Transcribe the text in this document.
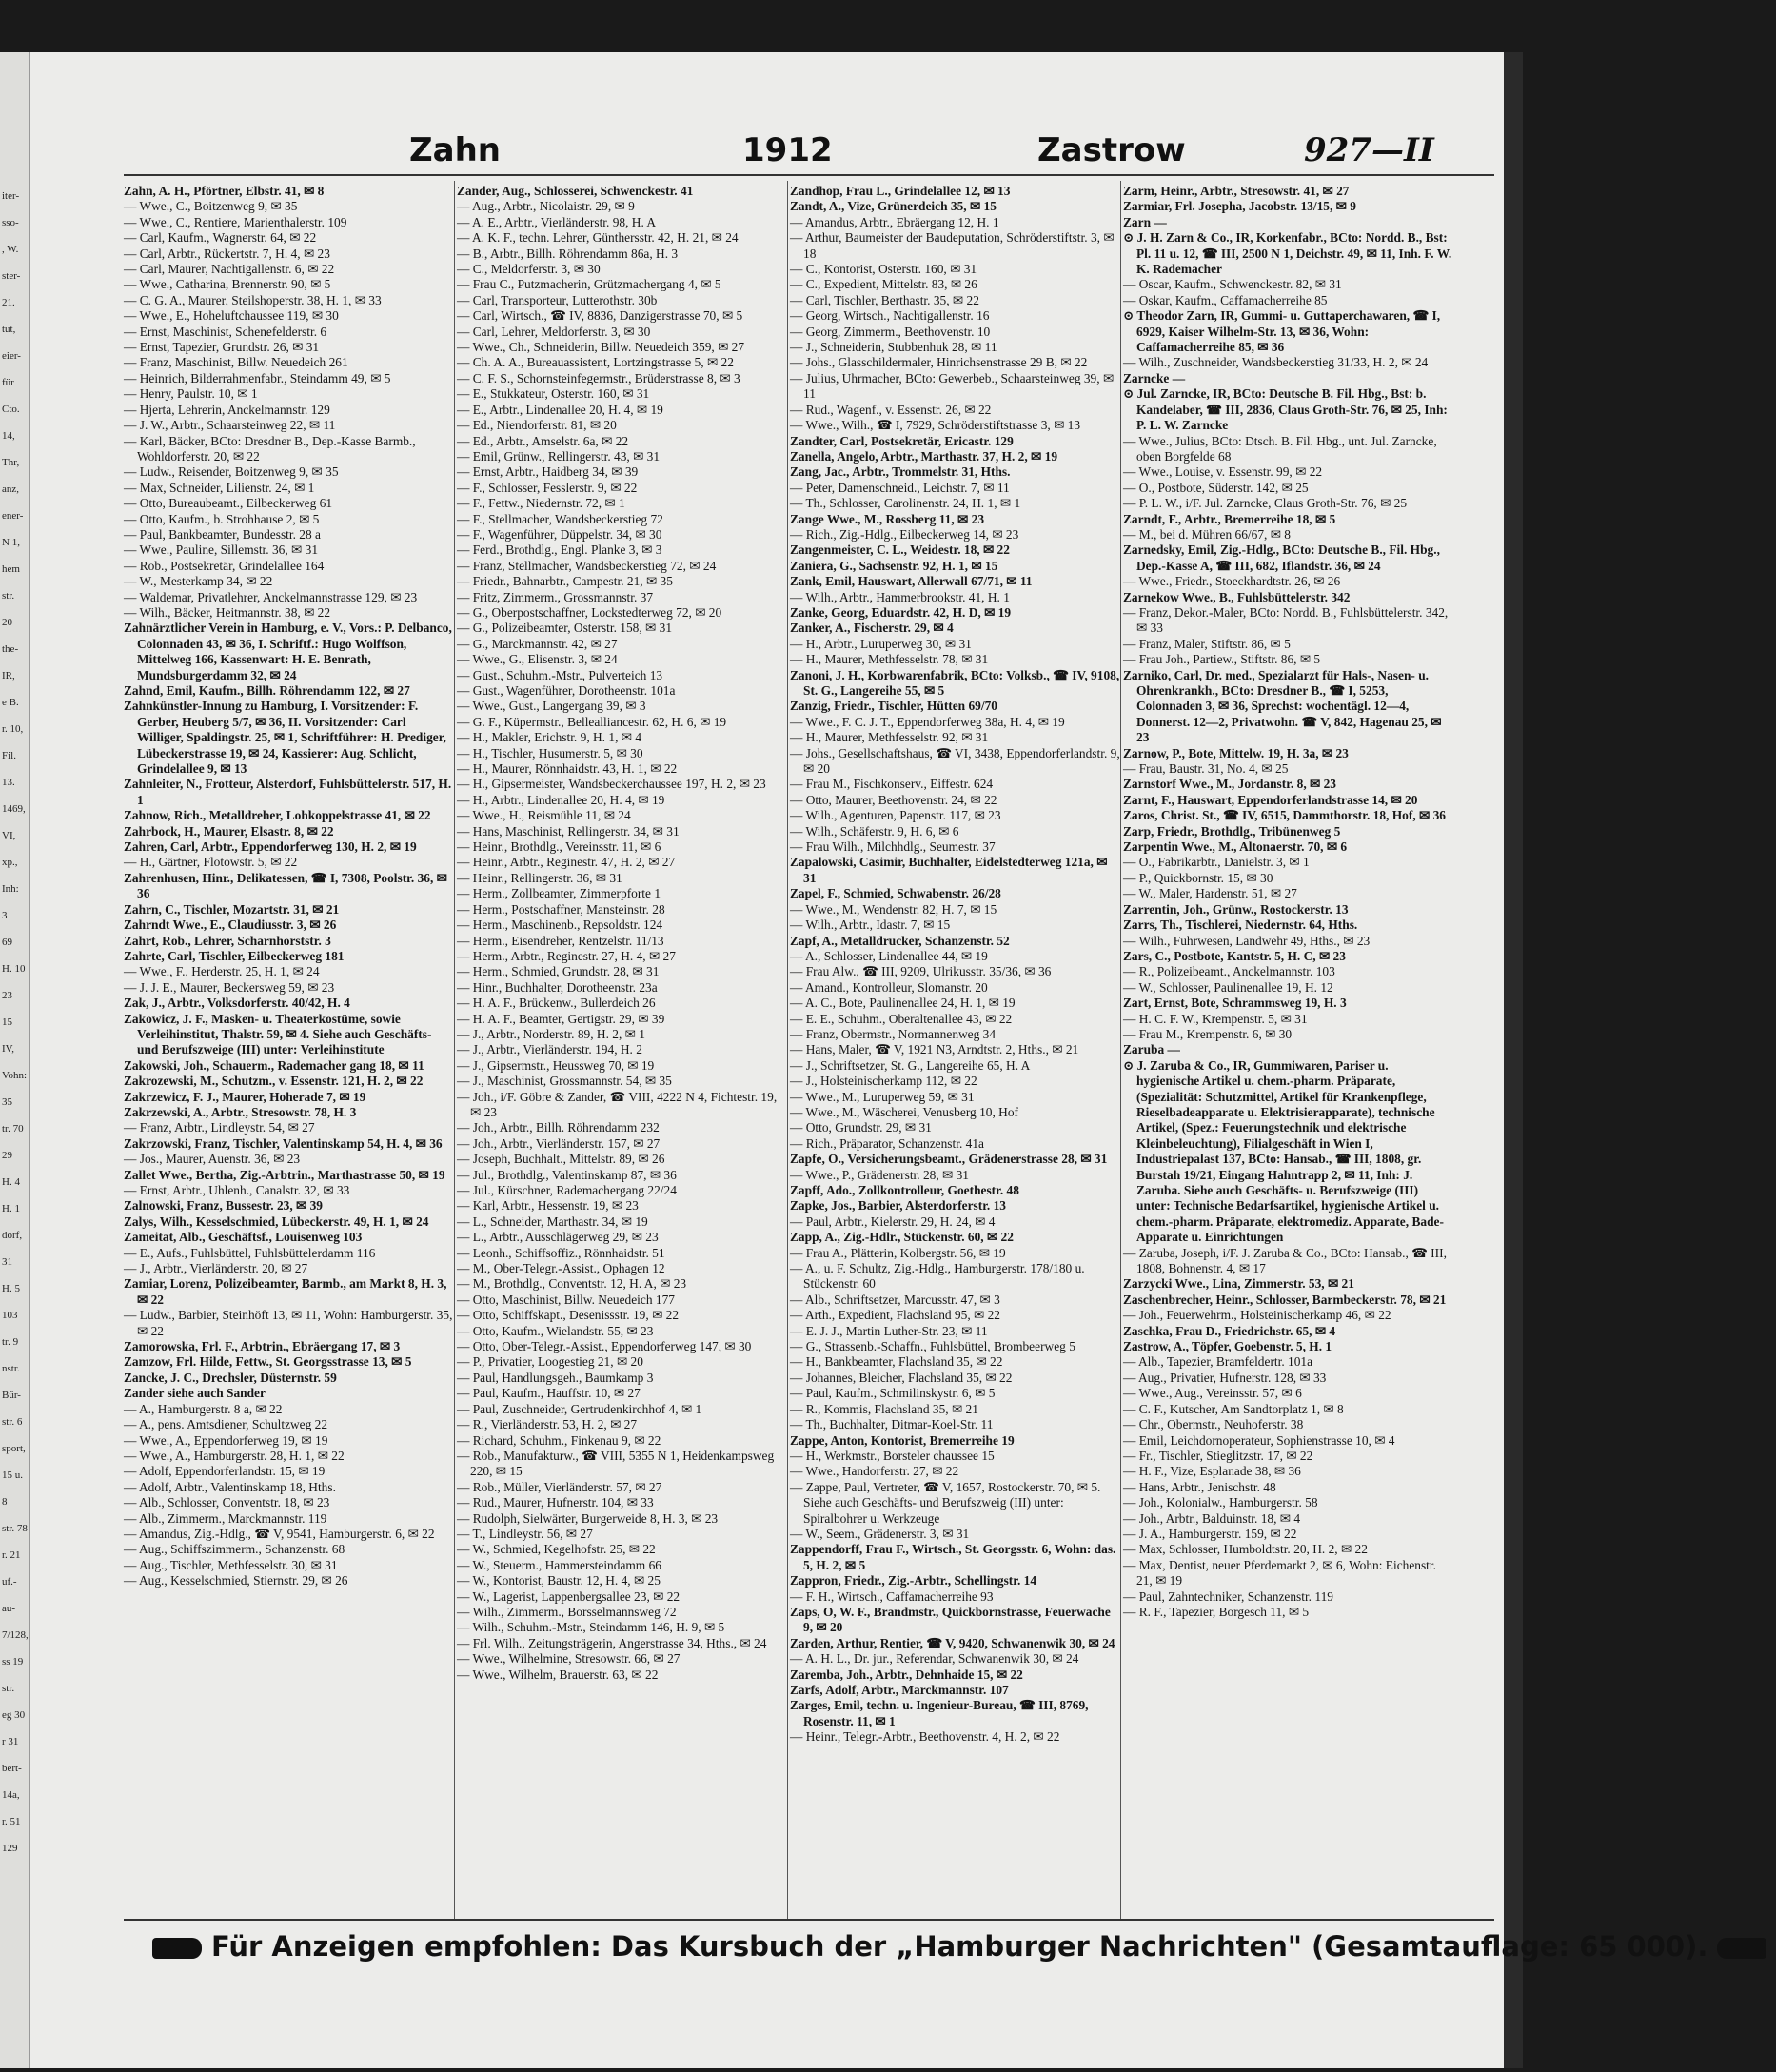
iter-
sso-
, W.
ster-
21.
tut,
eier-
für
Cto.
14,
Thr,
anz,
ener-
N 1,
hem
str.
20
the-
IR,
e B.
r. 10,
Fil.
13.
1469,
VI,
xp.,
Inh:
3
69
H. 10
23
15
IV,
Vohn:
35
tr. 70
29
H. 4
H. 1
dorf,
31
H. 5
103
tr. 9
nstr.
Bür-
str. 6
sport,
15 u.
8
str. 78
r. 21
uf.-
au-
7/128,
ss 19
str.
eg 30
r 31
bert-
14a,
r. 51
129
Zahn	1912	Zastrow	927—II

Zahn, A. H., Pförtner, Elbstr. 41, ✉ 8

— Wwe., C., Boitzenweg 9, ✉ 35

— Wwe., C., Rentiere, Marienthalerstr. 109

— Carl, Kaufm., Wagnerstr. 64, ✉ 22

— Carl, Arbtr., Rückertstr. 7, H. 4, ✉ 23

— Carl, Maurer, Nachtigallenstr. 6, ✉ 22

— Wwe., Catharina, Brennerstr. 90, ✉ 5

— C. G. A., Maurer, Steilshoperstr. 38, H. 1, ✉ 33

— Wwe., E., Hoheluftchaussee 119, ✉ 30

— Ernst, Maschinist, Schenefelderstr. 6

— Ernst, Tapezier, Grundstr. 26, ✉ 31

— Franz, Maschinist, Billw. Neuedeich 261

— Heinrich, Bilderrahmenfabr., Steindamm 49, ✉ 5

— Henry, Paulstr. 10, ✉ 1

— Hjerta, Lehrerin, Anckelmannstr. 129

— J. W., Arbtr., Schaarsteinweg 22, ✉ 11

— Karl, Bäcker, BCto: Dresdner B., Dep.-Kasse Barmb., Wohldorferstr. 20, ✉ 22

— Ludw., Reisender, Boitzenweg 9, ✉ 35

— Max, Schneider, Lilienstr. 24, ✉ 1

— Otto, Bureaubeamt., Eilbeckerweg 61

— Otto, Kaufm., b. Strohhause 2, ✉ 5

— Paul, Bankbeamter, Bundesstr. 28 a

— Wwe., Pauline, Sillemstr. 36, ✉ 31

— Rob., Postsekretär, Grindelallee 164

— W., Mesterkamp 34, ✉ 22

— Waldemar, Privatlehrer, Anckelmannstrasse 129, ✉ 23

— Wilh., Bäcker, Heitmannstr. 38, ✉ 22

Zahnärztlicher Verein in Hamburg, e. V., Vors.: P. Delbanco, Colonnaden 43, ✉ 36, I. Schriftf.: Hugo Wolffson, Mittelweg 166, Kassenwart: H. E. Benrath, Mundsburgerdamm 32, ✉ 24

Zahnd, Emil, Kaufm., Billh. Röhrendamm 122, ✉ 27

Zahnkünstler-Innung zu Hamburg, I. Vorsitzender: F. Gerber, Heuberg 5/7, ✉ 36, II. Vorsitzender: Carl Williger, Spaldingstr. 25, ✉ 1, Schriftführer: H. Prediger, Lübeckerstrasse 19, ✉ 24, Kassierer: Aug. Schlicht, Grindelallee 9, ✉ 13

Zahnleiter, N., Frotteur, Alsterdorf, Fuhlsbüttelerstr. 517, H. 1

Zahnow, Rich., Metalldreher, Lohkoppelstrasse 41, ✉ 22

Zahrbock, H., Maurer, Elsastr. 8, ✉ 22

Zahren, Carl, Arbtr., Eppendorferweg 130, H. 2, ✉ 19

— H., Gärtner, Flotowstr. 5, ✉ 22

Zahrenhusen, Hinr., Delikatessen, ☎ I, 7308, Poolstr. 36, ✉ 36

Zahrn, C., Tischler, Mozartstr. 31, ✉ 21

Zahrndt Wwe., E., Claudiusstr. 3, ✉ 26

Zahrt, Rob., Lehrer, Scharnhorststr. 3

Zahrte, Carl, Tischler, Eilbeckerweg 181

— Wwe., F., Herderstr. 25, H. 1, ✉ 24

— J. J. E., Maurer, Beckersweg 59, ✉ 23

Zak, J., Arbtr., Volksdorferstr. 40/42, H. 4

Zakowicz, J. F., Masken- u. Theaterkostüme, sowie Verleihinstitut, Thalstr. 59, ✉ 4. Siehe auch Geschäfts- und Berufszweige (III) unter: Verleihinstitute

Zakowski, Joh., Schauerm., Rademacher gang 18, ✉ 11

Zakrozewski, M., Schutzm., v. Essenstr. 121, H. 2, ✉ 22

Zakrzewicz, F. J., Maurer, Hoherade 7, ✉ 19

Zakrzewski, A., Arbtr., Stresowstr. 78, H. 3

— Franz, Arbtr., Lindleystr. 54, ✉ 27

Zakrzowski, Franz, Tischler, Valentinskamp 54, H. 4, ✉ 36

— Jos., Maurer, Auenstr. 36, ✉ 23

Zallet Wwe., Bertha, Zig.-Arbtrin., Marthastrasse 50, ✉ 19

— Ernst, Arbtr., Uhlenh., Canalstr. 32, ✉ 33

Zalnowski, Franz, Bussestr. 23, ✉ 39

Zalys, Wilh., Kesselschmied, Lübeckerstr. 49, H. 1, ✉ 24

Zameitat, Alb., Geschäftsf., Louisenweg 103

— E., Aufs., Fuhlsbüttel, Fuhlsbüttelerdamm 116

— J., Arbtr., Vierländerstr. 20, ✉ 27

Zamiar, Lorenz, Polizeibeamter, Barmb., am Markt 8, H. 3, ✉ 22

— Ludw., Barbier, Steinhöft 13, ✉ 11, Wohn: Hamburgerstr. 35, ✉ 22

Zamorowska, Frl. F., Arbtrin., Ebräergang 17, ✉ 3

Zamzow, Frl. Hilde, Fettw., St. Georgsstrasse 13, ✉ 5

Zancke, J. C., Drechsler, Düsternstr. 59

Zander siehe auch Sander

— A., Hamburgerstr. 8 a, ✉ 22

— A., pens. Amtsdiener, Schultzweg 22

— Wwe., A., Eppendorferweg 19, ✉ 19

— Wwe., A., Hamburgerstr. 28, H. 1, ✉ 22

— Adolf, Eppendorferlandstr. 15, ✉ 19

— Adolf, Arbtr., Valentinskamp 18, Hths.

— Alb., Schlosser, Conventstr. 18, ✉ 23

— Alb., Zimmerm., Marckmannstr. 119

— Amandus, Zig.-Hdlg., ☎ V, 9541, Hamburgerstr. 6, ✉ 22

— Aug., Schiffszimmerm., Schanzenstr. 68

— Aug., Tischler, Methfesselstr. 30, ✉ 31

— Aug., Kesselschmied, Stiernstr. 29, ✉ 26

Zander, Aug., Schlosserei, Schwenckestr. 41

— Aug., Arbtr., Nicolaistr. 29, ✉ 9

— A. E., Arbtr., Vierländerstr. 98, H. A

— A. K. F., techn. Lehrer, Günthersstr. 42, H. 21, ✉ 24

— B., Arbtr., Billh. Röhrendamm 86a, H. 3

— C., Meldorferstr. 3, ✉ 30

— Frau C., Putzmacherin, Grützmachergang 4, ✉ 5

— Carl, Transporteur, Lutterothstr. 30b

— Carl, Wirtsch., ☎ IV, 8836, Danzigerstrasse 70, ✉ 5

— Carl, Lehrer, Meldorferstr. 3, ✉ 30

— Wwe., Ch., Schneiderin, Billw. Neuedeich 359, ✉ 27

— Ch. A. A., Bureauassistent, Lortzingstrasse 5, ✉ 22

— C. F. S., Schornsteinfegermstr., Brüderstrasse 8, ✉ 3

— E., Stukkateur, Osterstr. 160, ✉ 31

— E., Arbtr., Lindenallee 20, H. 4, ✉ 19

— Ed., Niendorferstr. 81, ✉ 20

— Ed., Arbtr., Amselstr. 6a, ✉ 22

— Emil, Grünw., Rellingerstr. 43, ✉ 31

— Ernst, Arbtr., Haidberg 34, ✉ 39

— F., Schlosser, Fesslerstr. 9, ✉ 22

— F., Fettw., Niedernstr. 72, ✉ 1

— F., Stellmacher, Wandsbeckerstieg 72

— F., Wagenführer, Düppelstr. 34, ✉ 30

— Ferd., Brothdlg., Engl. Planke 3, ✉ 3

— Franz, Stellmacher, Wandsbeckerstieg 72, ✉ 24

— Friedr., Bahnarbtr., Campestr. 21, ✉ 35

— Fritz, Zimmerm., Grossmannstr. 37

— G., Oberpostschaffner, Lockstedterweg 72, ✉ 20

— G., Polizeibeamter, Osterstr. 158, ✉ 31

— G., Marckmannstr. 42, ✉ 27

— Wwe., G., Elisenstr. 3, ✉ 24

— Gust., Schuhm.-Mstr., Pulverteich 13

— Gust., Wagenführer, Dorotheenstr. 101a

— Wwe., Gust., Langergang 39, ✉ 3

— G. F., Küpermstr., Bellealliancestr. 62, H. 6, ✉ 19

— H., Makler, Erichstr. 9, H. 1, ✉ 4

— H., Tischler, Husumerstr. 5, ✉ 30

— H., Maurer, Rönnhaidstr. 43, H. 1, ✉ 22

— H., Gipsermeister, Wandsbeckerchaussee 197, H. 2, ✉ 23

— H., Arbtr., Lindenallee 20, H. 4, ✉ 19

— Wwe., H., Reismühle 11, ✉ 24

— Hans, Maschinist, Rellingerstr. 34, ✉ 31

— Heinr., Brothdlg., Vereinsstr. 11, ✉ 6

— Heinr., Arbtr., Reginestr. 47, H. 2, ✉ 27

— Heinr., Rellingerstr. 36, ✉ 31

— Herm., Zollbeamter, Zimmerpforte 1

— Herm., Postschaffner, Mansteinstr. 28

— Herm., Maschinenb., Repsoldstr. 124

— Herm., Eisendreher, Rentzelstr. 11/13

— Herm., Arbtr., Reginestr. 27, H. 4, ✉ 27

— Herm., Schmied, Grundstr. 28, ✉ 31

— Hinr., Buchhalter, Dorotheenstr. 23a

— H. A. F., Brückenw., Bullerdeich 26

— H. A. F., Beamter, Gertigstr. 29, ✉ 39

— J., Arbtr., Norderstr. 89, H. 2, ✉ 1

— J., Arbtr., Vierländerstr. 194, H. 2

— J., Gipsermstr., Heussweg 70, ✉ 19

— J., Maschinist, Grossmannstr. 54, ✉ 35

— Joh., i/F. Göbre & Zander, ☎ VIII, 4222 N 4, Fichtestr. 19, ✉ 23

— Joh., Arbtr., Billh. Röhrendamm 232

— Joh., Arbtr., Vierländerstr. 157, ✉ 27

— Joseph, Buchhalt., Mittelstr. 89, ✉ 26

— Jul., Brothdlg., Valentinskamp 87, ✉ 36

— Jul., Kürschner, Rademachergang 22/24

— Karl, Arbtr., Hessenstr. 19, ✉ 23

— L., Schneider, Marthastr. 34, ✉ 19

— L., Arbtr., Ausschlägerweg 29, ✉ 23

— Leonh., Schiffsoffiz., Rönnhaidstr. 51

— M., Ober-Telegr.-Assist., Ophagen 12

— M., Brothdlg., Conventstr. 12, H. A, ✉ 23

— Otto, Maschinist, Billw. Neuedeich 177

— Otto, Schiffskapt., Desenissstr. 19, ✉ 22

— Otto, Kaufm., Wielandstr. 55, ✉ 23

— Otto, Ober-Telegr.-Assist., Eppendorferweg 147, ✉ 30

— P., Privatier, Loogestieg 21, ✉ 20

— Paul, Handlungsgeh., Baumkamp 3

— Paul, Kaufm., Hauffstr. 10, ✉ 27

— Paul, Zuschneider, Gertrudenkirchhof 4, ✉ 1

— R., Vierländerstr. 53, H. 2, ✉ 27

— Richard, Schuhm., Finkenau 9, ✉ 22

— Rob., Manufakturw., ☎ VIII, 5355 N 1, Heidenkampsweg 220, ✉ 15

— Rob., Müller, Vierländerstr. 57, ✉ 27

— Rud., Maurer, Hufnerstr. 104, ✉ 33

— Rudolph, Sielwärter, Burgerweide 8, H. 3, ✉ 23

— T., Lindleystr. 56, ✉ 27

— W., Schmied, Kegelhofstr. 25, ✉ 22

— W., Steuerm., Hammersteindamm 66

— W., Kontorist, Baustr. 12, H. 4, ✉ 25

— W., Lagerist, Lappenbergsallee 23, ✉ 22

— Wilh., Zimmerm., Borsselmannsweg 72

— Wilh., Schuhm.-Mstr., Steindamm 146, H. 9, ✉ 5

— Frl. Wilh., Zeitungsträgerin, Angerstrasse 34, Hths., ✉ 24

— Wwe., Wilhelmine, Stresowstr. 66, ✉ 27

— Wwe., Wilhelm, Brauerstr. 63, ✉ 22

Zandhop, Frau L., Grindelallee 12, ✉ 13

Zandt, A., Vize, Grünerdeich 35, ✉ 15

— Amandus, Arbtr., Ebräergang 12, H. 1

— Arthur, Baumeister der Baudeputation, Schröderstiftstr. 3, ✉ 18

— C., Kontorist, Osterstr. 160, ✉ 31

— C., Expedient, Mittelstr. 83, ✉ 26

— Carl, Tischler, Berthastr. 35, ✉ 22

— Georg, Wirtsch., Nachtigallenstr. 16

— Georg, Zimmerm., Beethovenstr. 10

— J., Schneiderin, Stubbenhuk 28, ✉ 11

— Johs., Glasschildermaler, Hinrichsenstrasse 29 B, ✉ 22

— Julius, Uhrmacher, BCto: Gewerbeb., Schaarsteinweg 39, ✉ 11

— Rud., Wagenf., v. Essenstr. 26, ✉ 22

— Wwe., Wilh., ☎ I, 7929, Schröderstiftstrasse 3, ✉ 13

Zandter, Carl, Postsekretär, Ericastr. 129

Zanella, Angelo, Arbtr., Marthastr. 37, H. 2, ✉ 19

Zang, Jac., Arbtr., Trommelstr. 31, Hths.

— Peter, Damenschneid., Leichstr. 7, ✉ 11

— Th., Schlosser, Carolinenstr. 24, H. 1, ✉ 1

Zange Wwe., M., Rossberg 11, ✉ 23

— Rich., Zig.-Hdlg., Eilbeckerweg 14, ✉ 23

Zangenmeister, C. L., Weidestr. 18, ✉ 22

Zaniera, G., Sachsenstr. 92, H. 1, ✉ 15

Zank, Emil, Hauswart, Allerwall 67/71, ✉ 11

— Wilh., Arbtr., Hammerbrookstr. 41, H. 1

Zanke, Georg, Eduardstr. 42, H. D, ✉ 19

Zanker, A., Fischerstr. 29, ✉ 4

— H., Arbtr., Luruperweg 30, ✉ 31

— H., Maurer, Methfesselstr. 78, ✉ 31

Zanoni, J. H., Korbwarenfabrik, BCto: Volksb., ☎ IV, 9108, St. G., Langereihe 55, ✉ 5

Zanzig, Friedr., Tischler, Hütten 69/70

— Wwe., F. C. J. T., Eppendorferweg 38a, H. 4, ✉ 19

— H., Maurer, Methfesselstr. 92, ✉ 31

— Johs., Gesellschaftshaus, ☎ VI, 3438, Eppendorferlandstr. 9, ✉ 20

— Frau M., Fischkonserv., Eiffestr. 624

— Otto, Maurer, Beethovenstr. 24, ✉ 22

— Wilh., Agenturen, Papenstr. 117, ✉ 23

— Wilh., Schäferstr. 9, H. 6, ✉ 6

— Frau Wilh., Milchhdlg., Seumestr. 37

Zapalowski, Casimir, Buchhalter, Eidelstedterweg 121a, ✉ 31

Zapel, F., Schmied, Schwabenstr. 26/28

— Wwe., M., Wendenstr. 82, H. 7, ✉ 15

— Wilh., Arbtr., Idastr. 7, ✉ 15

Zapf, A., Metalldrucker, Schanzenstr. 52

— A., Schlosser, Lindenallee 44, ✉ 19

— Frau Alw., ☎ III, 9209, Ulrikusstr. 35/36, ✉ 36

— Amand., Kontrolleur, Slomanstr. 20

— A. C., Bote, Paulinenallee 24, H. 1, ✉ 19

— E. E., Schuhm., Oberaltenallee 43, ✉ 22

— Franz, Obermstr., Normannenweg 34

— Hans, Maler, ☎ V, 1921 N3, Arndtstr. 2, Hths., ✉ 21

— J., Schriftsetzer, St. G., Langereihe 65, H. A

— J., Holsteinischerkamp 112, ✉ 22

— Wwe., M., Luruperweg 59, ✉ 31

— Wwe., M., Wäscherei, Venusberg 10, Hof

— Otto, Grundstr. 29, ✉ 31

— Rich., Präparator, Schanzenstr. 41a

Zapfe, O., Versicherungsbeamt., Grädenerstrasse 28, ✉ 31

— Wwe., P., Grädenerstr. 28, ✉ 31

Zapff, Ado., Zollkontrolleur, Goethestr. 48

Zapke, Jos., Barbier, Alsterdorferstr. 13

— Paul, Arbtr., Kielerstr. 29, H. 24, ✉ 4

Zapp, A., Zig.-Hdlr., Stückenstr. 60, ✉ 22

— Frau A., Plätterin, Kolbergstr. 56, ✉ 19

— A., u. F. Schultz, Zig.-Hdlg., Hamburgerstr. 178/180 u. Stückenstr. 60

— Alb., Schriftsetzer, Marcusstr. 47, ✉ 3

— Arth., Expedient, Flachsland 95, ✉ 22

— E. J. J., Martin Luther-Str. 23, ✉ 11

— G., Strassenb.-Schaffn., Fuhlsbüttel, Brombeerweg 5

— H., Bankbeamter, Flachsland 35, ✉ 22

— Johannes, Bleicher, Flachsland 35, ✉ 22

— Paul, Kaufm., Schmilinskystr. 6, ✉ 5

— R., Kommis, Flachsland 35, ✉ 21

— Th., Buchhalter, Ditmar-Koel-Str. 11

Zappe, Anton, Kontorist, Bremerreihe 19

— H., Werkmstr., Borsteler chaussee 15

— Wwe., Handorferstr. 27, ✉ 22

— Zappe, Paul, Vertreter, ☎ V, 1657, Rostockerstr. 70, ✉ 5. Siehe auch Geschäfts- und Berufszweig (III) unter: Spiralbohrer u. Werkzeuge

— W., Seem., Grädenerstr. 3, ✉ 31

Zappendorff, Frau F., Wirtsch., St. Georgsstr. 6, Wohn: das. 5, H. 2, ✉ 5

Zappron, Friedr., Zig.-Arbtr., Schellingstr. 14

— F. H., Wirtsch., Caffamacherreihe 93

Zaps, O, W. F., Brandmstr., Quickbornstrasse, Feuerwache 9, ✉ 20

Zarden, Arthur, Rentier, ☎ V, 9420, Schwanenwik 30, ✉ 24

— A. H. L., Dr. jur., Referendar, Schwanenwik 30, ✉ 24

Zaremba, Joh., Arbtr., Dehnhaide 15, ✉ 22

Zarfs, Adolf, Arbtr., Marckmannstr. 107

Zarges, Emil, techn. u. Ingenieur-Bureau, ☎ III, 8769, Rosenstr. 11, ✉ 1

— Heinr., Telegr.-Arbtr., Beethovenstr. 4, H. 2, ✉ 22

Zarm, Heinr., Arbtr., Stresowstr. 41, ✉ 27

Zarmiar, Frl. Josepha, Jacobstr. 13/15, ✉ 9

Zarn —

⊙ J. H. Zarn & Co., IR, Korkenfabr., BCto: Nordd. B., Bst: Pl. 11 u. 12, ☎ III, 2500 N 1, Deichstr. 49, ✉ 11, Inh. F. W. K. Rademacher

— Oscar, Kaufm., Schwenckestr. 82, ✉ 31

— Oskar, Kaufm., Caffamacherreihe 85

⊙ Theodor Zarn, IR, Gummi- u. Guttaperchawaren, ☎ I, 6929, Kaiser Wilhelm-Str. 13, ✉ 36, Wohn: Caffamacherreihe 85, ✉ 36

— Wilh., Zuschneider, Wandsbeckerstieg 31/33, H. 2, ✉ 24

Zarncke —

⊙ Jul. Zarncke, IR, BCto: Deutsche B. Fil. Hbg., Bst: b. Kandelaber, ☎ III, 2836, Claus Groth-Str. 76, ✉ 25, Inh: P. L. W. Zarncke

— Wwe., Julius, BCto: Dtsch. B. Fil. Hbg., unt. Jul. Zarncke, oben Borgfelde 68

— Wwe., Louise, v. Essenstr. 99, ✉ 22

— O., Postbote, Süderstr. 142, ✉ 25

— P. L. W., i/F. Jul. Zarncke, Claus Groth-Str. 76, ✉ 25

Zarndt, F., Arbtr., Bremerreihe 18, ✉ 5

— M., bei d. Mühren 66/67, ✉ 8

Zarnedsky, Emil, Zig.-Hdlg., BCto: Deutsche B., Fil. Hbg., Dep.-Kasse A, ☎ III, 682, Iflandstr. 36, ✉ 24

— Wwe., Friedr., Stoeckhardtstr. 26, ✉ 26

Zarnekow Wwe., B., Fuhlsbüttelerstr. 342

— Franz, Dekor.-Maler, BCto: Nordd. B., Fuhlsbüttelerstr. 342, ✉ 33

— Franz, Maler, Stiftstr. 86, ✉ 5

— Frau Joh., Partiew., Stiftstr. 86, ✉ 5

Zarniko, Carl, Dr. med., Spezialarzt für Hals-, Nasen- u. Ohrenkrankh., BCto: Dresdner B., ☎ I, 5253, Colonnaden 3, ✉ 36, Sprechst: wochentägl. 12—4, Donnerst. 12—2, Privatwohn. ☎ V, 842, Hagenau 25, ✉ 23

Zarnow, P., Bote, Mittelw. 19, H. 3a, ✉ 23

— Frau, Baustr. 31, No. 4, ✉ 25

Zarnstorf Wwe., M., Jordanstr. 8, ✉ 23

Zarnt, F., Hauswart, Eppendorferlandstrasse 14, ✉ 20

Zaros, Christ. St., ☎ IV, 6515, Dammthorstr. 18, Hof, ✉ 36

Zarp, Friedr., Brothdlg., Tribünenweg 5

Zarpentin Wwe., M., Altonaerstr. 70, ✉ 6

— O., Fabrikarbtr., Danielstr. 3, ✉ 1

— P., Quickbornstr. 15, ✉ 30

— W., Maler, Hardenstr. 51, ✉ 27

Zarrentin, Joh., Grünw., Rostockerstr. 13

Zarrs, Th., Tischlerei, Niedernstr. 64, Hths.

— Wilh., Fuhrwesen, Landwehr 49, Hths., ✉ 23

Zars, C., Postbote, Kantstr. 5, H. C, ✉ 23

— R., Polizeibeamt., Anckelmannstr. 103

— W., Schlosser, Paulinenallee 19, H. 12

Zart, Ernst, Bote, Schrammsweg 19, H. 3

— H. C. F. W., Krempenstr. 5, ✉ 31

— Frau M., Krempenstr. 6, ✉ 30

Zaruba —

⊙ J. Zaruba & Co., IR, Gummiwaren, Pariser u. hygienische Artikel u. chem.-pharm. Präparate, (Spezialität: Schutzmittel, Artikel für Krankenpflege, Rieselbadeapparate u. Elektrisierapparate), technische Artikel, (Spez.: Feuerungstechnik und elektrische Kleinbeleuchtung), Filialgeschäft in Wien I, Industriepalast 137, BCto: Hansab., ☎ III, 1808, gr. Burstah 19/21, Eingang Hahntrapp 2, ✉ 11, Inh: J. Zaruba. Siehe auch Geschäfts- u. Berufszweige (III) unter: Technische Bedarfsartikel, hygienische Artikel u. chem.-pharm. Präparate, elektromediz. Apparate, Bade-Apparate u. Einrichtungen

— Zaruba, Joseph, i/F. J. Zaruba & Co., BCto: Hansab., ☎ III, 1808, Bohnenstr. 4, ✉ 17

Zarzycki Wwe., Lina, Zimmerstr. 53, ✉ 21

Zaschenbrecher, Heinr., Schlosser, Barmbeckerstr. 78, ✉ 21

— Joh., Feuerwehrm., Holsteinischerkamp 46, ✉ 22

Zaschka, Frau D., Friedrichstr. 65, ✉ 4

Zastrow, A., Töpfer, Goebenstr. 5, H. 1

— Alb., Tapezier, Bramfeldertr. 101a

— Aug., Privatier, Hufnerstr. 128, ✉ 33

— Wwe., Aug., Vereinsstr. 57, ✉ 6

— C. F., Kutscher, Am Sandtorplatz 1, ✉ 8

— Chr., Obermstr., Neuhoferstr. 38

— Emil, Leichdornoperateur, Sophienstrasse 10, ✉ 4

— Fr., Tischler, Stieglitzstr. 17, ✉ 22

— H. F., Vize, Esplanade 38, ✉ 36

— Hans, Arbtr., Jenischstr. 48

— Joh., Kolonialw., Hamburgerstr. 58

— Joh., Arbtr., Balduinstr. 18, ✉ 4

— J. A., Hamburgerstr. 159, ✉ 22

— Max, Schlosser, Humboldtstr. 20, H. 2, ✉ 22

— Max, Dentist, neuer Pferdemarkt 2, ✉ 6, Wohn: Eichenstr. 21, ✉ 19

— Paul, Zahntechniker, Schanzenstr. 119

— R. F., Tapezier, Borgesch 11, ✉ 5

Für Anzeigen empfohlen: Das Kursbuch der „Hamburger Nachrichten" (Gesamtauflage: 65 000).
